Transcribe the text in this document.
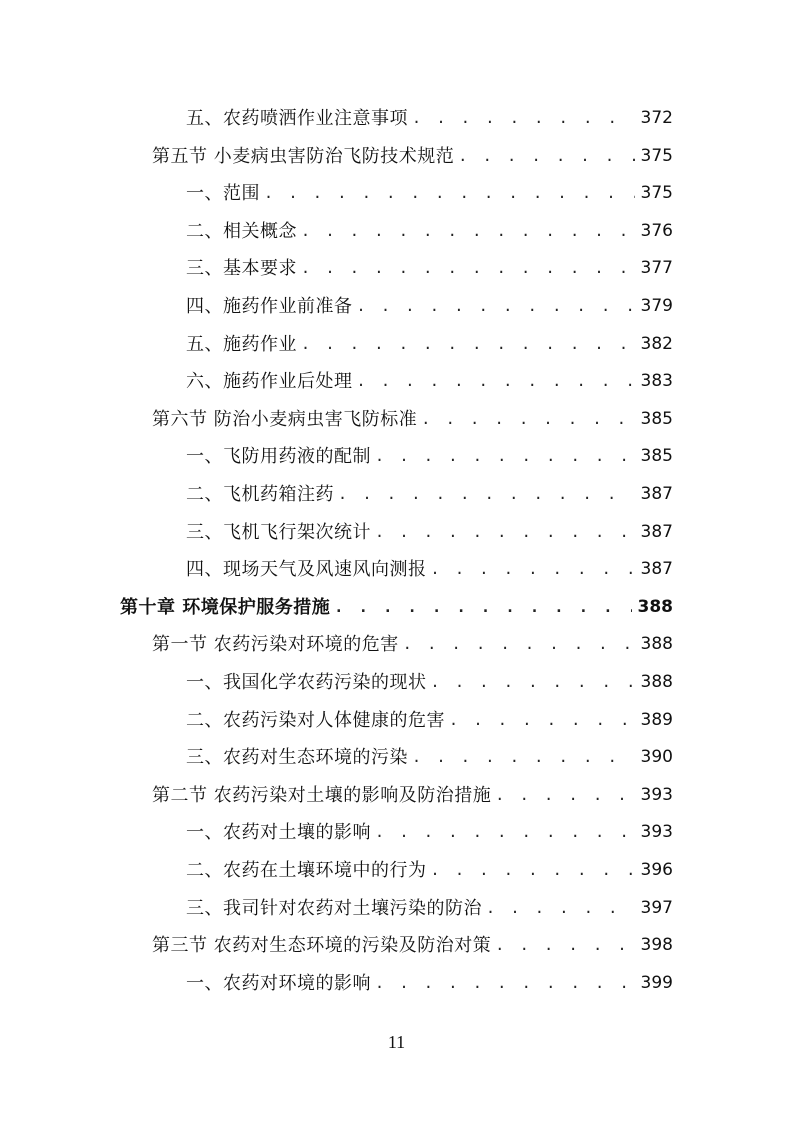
五、农药喷洒作业注意事项 . . .	372
第五节 小麦病虫害防治飞防技术规范 . . .	375
一、范围 . . .	375
二、相关概念 . . .	376
三、基本要求 . . .	377
四、施药作业前准备 . . .	379
五、施药作业 . . .	382
六、施药作业后处理 . . .	383
第六节 防治小麦病虫害飞防标准 . . .	385
一、飞防用药液的配制 . . .	385
二、飞机药箱注药 . . .	387
三、飞机飞行架次统计 . . .	387
四、现场天气及风速风向测报 . . .	387
第十章 环境保护服务措施 . . .	388
第一节 农药污染对环境的危害 . . .	388
一、我国化学农药污染的现状 . . .	388
二、农药污染对人体健康的危害 . . .	389
三、农药对生态环境的污染 . . .	390
第二节 农药污染对土壤的影响及防治措施 . . .	393
一、农药对土壤的影响 . . .	393
二、农药在土壤环境中的行为 . . .	396
三、我司针对农药对土壤污染的防治 . . .	397
第三节 农药对生态环境的污染及防治对策 . . .	398
一、农药对环境的影响 . . .	399
11
